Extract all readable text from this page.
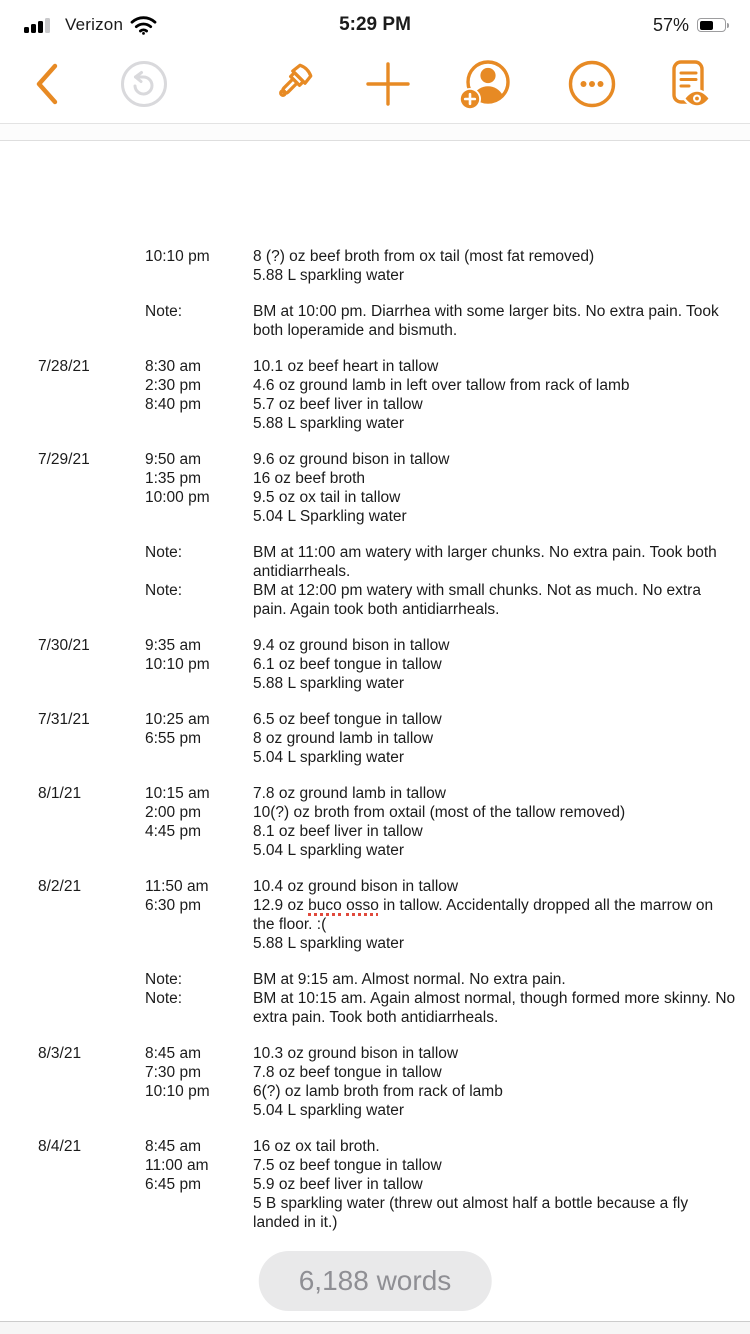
Verizon	5:29 PM	57%
10:10 pm	8 (?) oz beef broth from ox tail (most fat removed)
5.88 L sparkling water
Note:	BM at 10:00 pm. Diarrhea with some larger bits. No extra pain. Took both loperamide and bismuth.
7/28/21	8:30 am	10.1 oz beef heart in tallow
2:30 pm	4.6 oz ground lamb in left over tallow from rack of lamb
8:40 pm	5.7 oz beef liver in tallow
5.88 L sparkling water
7/29/21	9:50 am	9.6 oz ground bison in tallow
1:35 pm	16 oz beef broth
10:00 pm	9.5 oz ox tail in tallow
5.04 L Sparkling water
Note:	BM at 11:00 am watery with larger chunks. No extra pain. Took both antidiarrheals.
Note:	BM at 12:00 pm watery with small chunks. Not as much. No extra pain. Again took both antidiarrheals.
7/30/21	9:35 am	9.4 oz ground bison in tallow
10:10 pm	6.1 oz beef tongue in tallow
5.88 L sparkling water
7/31/21	10:25 am	6.5 oz beef tongue in tallow
6:55 pm	8 oz ground lamb in tallow
5.04 L sparkling water
8/1/21	10:15 am	7.8 oz ground lamb in tallow
2:00 pm	10(?) oz broth from oxtail (most of the tallow removed)
4:45 pm	8.1 oz beef liver in tallow
5.04 L sparkling water
8/2/21	11:50 am	10.4 oz ground bison in tallow
6:30 pm	12.9 oz buco osso in tallow. Accidentally dropped all the marrow on the floor. :(
5.88 L sparkling water
Note:	BM at 9:15 am. Almost normal. No extra pain.
Note:	BM at 10:15 am. Again almost normal, though formed more skinny. No extra pain. Took both antidiarrheals.
8/3/21	8:45 am	10.3 oz ground bison in tallow
7:30 pm	7.8 oz beef tongue in tallow
10:10 pm	6(?) oz lamb broth from rack of lamb
5.04 L sparkling water
8/4/21	8:45 am	16 oz ox tail broth.
11:00 am	7.5 oz beef tongue in tallow
6:45 pm	5.9 oz beef liver in tallow
5 B sparkling water (threw out almost half a bottle because a fly landed in it.)
6,188 words
